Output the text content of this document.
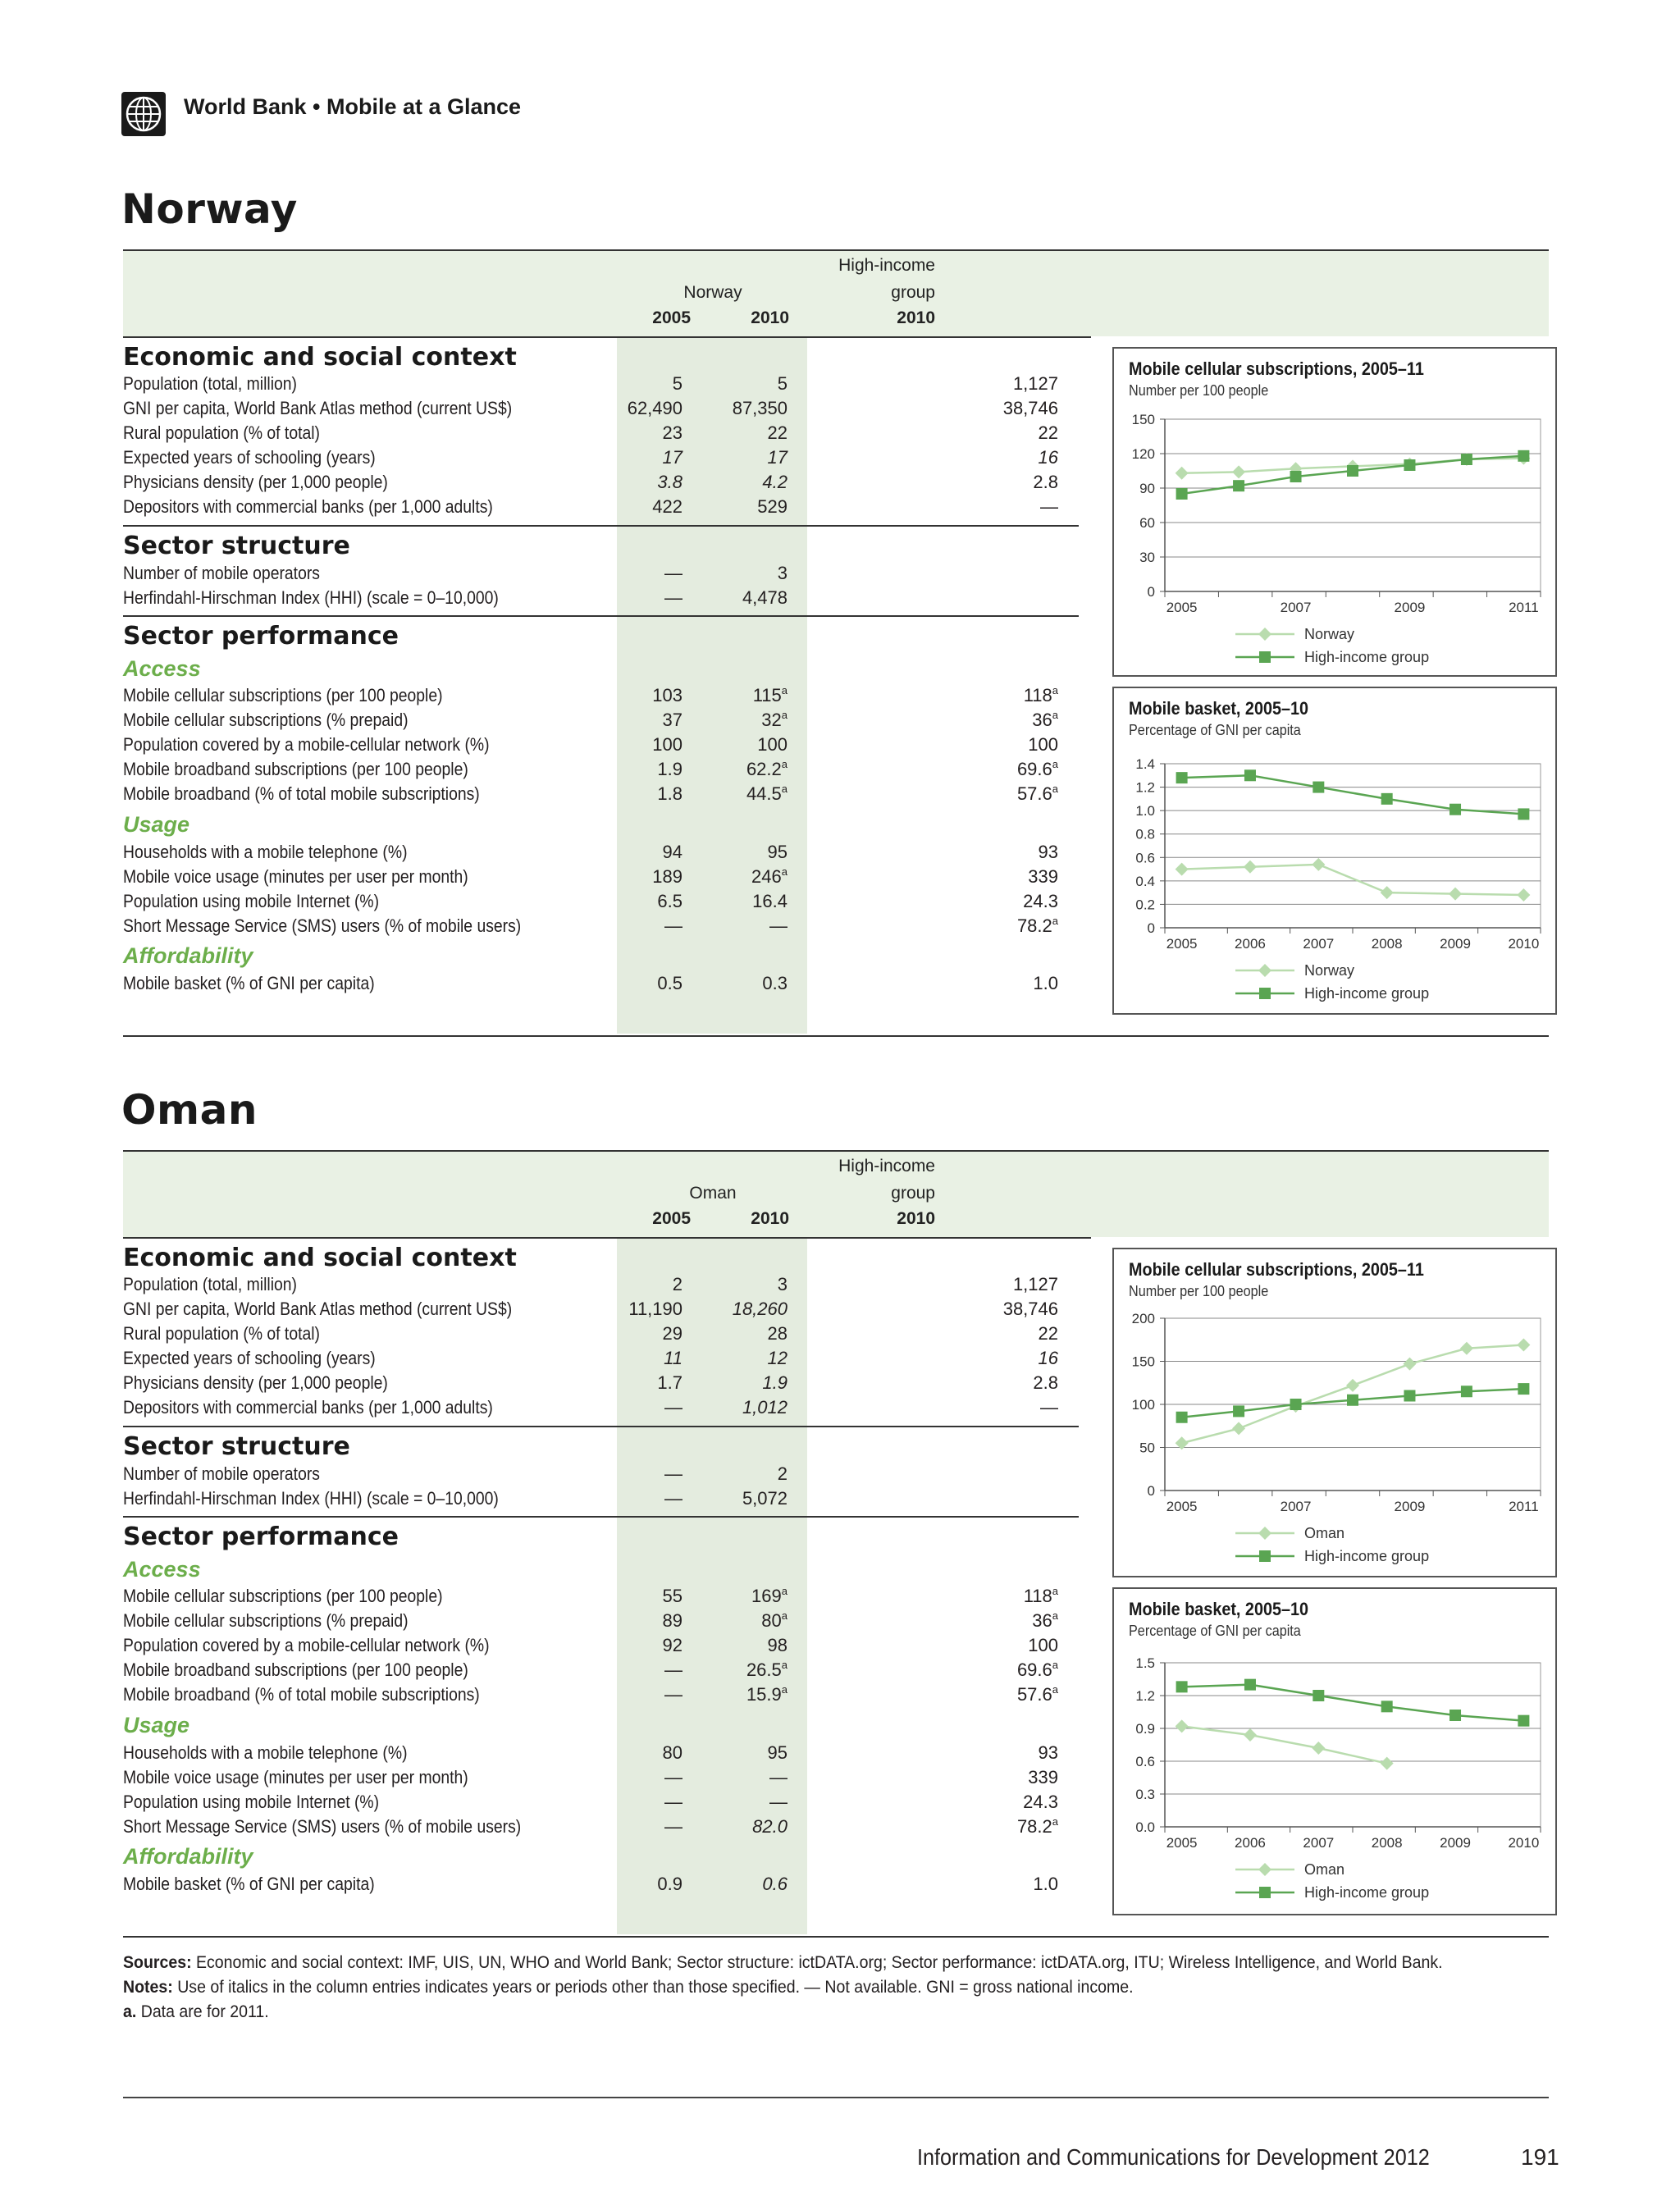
World Bank • Mobile at a Glance
Norway
Norway
2005	2010
High-income
group
2010
Economic and social context
Population (total, million)	5	5	1,127
GNI per capita, World Bank Atlas method (current US$)	62,490	87,350	38,746
Rural population (% of total)	23	22	22
Expected years of schooling (years)	17	17	16
Physicians density (per 1,000 people)	3.8	4.2	2.8
Depositors with commercial banks (per 1,000 adults)	422	529	—
Sector structure
Number of mobile operators	—	3
Herfindahl-Hirschman Index (HHI) (scale = 0–10,000)	—	4,478
Sector performance
Access
Mobile cellular subscriptions (per 100 people)	103	115$^a$	118$^a$
Mobile cellular subscriptions (% prepaid)	37	32$^a$	36$^a$
Population covered by a mobile-cellular network (%)	100	100	100
Mobile broadband subscriptions (per 100 people)	1.9	62.2$^a$	69.6$^a$
Mobile broadband (% of total mobile subscriptions)	1.8	44.5$^a$	57.6$^a$
Usage
Households with a mobile telephone (%)	94	95	93
Mobile voice usage (minutes per user per month)	189	246$^a$	339
Population using mobile Internet (%)	6.5	16.4	24.3
Short Message Service (SMS) users (% of mobile users)	—	—	78.2$^a$
Affordability
Mobile basket (% of GNI per capita)	0.5	0.3	1.0
Oman
Oman
2005	2010
High-income
group
2010
Economic and social context
Population (total, million)	2	3	1,127
GNI per capita, World Bank Atlas method (current US$)	11,190	18,260	38,746
Rural population (% of total)	29	28	22
Expected years of schooling (years)	11	12	16
Physicians density (per 1,000 people)	1.7	1.9	2.8
Depositors with commercial banks (per 1,000 adults)	—	1,012	—
Sector structure
Number of mobile operators	—	2
Herfindahl-Hirschman Index (HHI) (scale = 0–10,000)	—	5,072
Sector performance
Access
Mobile cellular subscriptions (per 100 people)	55	169$^a$	118$^a$
Mobile cellular subscriptions (% prepaid)	89	80$^a$	36$^a$
Population covered by a mobile-cellular network (%)	92	98	100
Mobile broadband subscriptions (per 100 people)	—	26.5$^a$	69.6$^a$
Mobile broadband (% of total mobile subscriptions)	—	15.9$^a$	57.6$^a$
Usage
Households with a mobile telephone (%)	80	95	93
Mobile voice usage (minutes per user per month)	—	—	339
Population using mobile Internet (%)	—	—	24.3
Short Message Service (SMS) users (% of mobile users)	—	82.0	78.2$^a$
Affordability
Mobile basket (% of GNI per capita)	0.9	0.6	1.0
Mobile cellular subscriptions, 2005–11
Number per 100 people
0
30
60
90
120
150
2005	2007	2009	2011
Norway
High-income group
Mobile basket, 2005–10
Percentage of GNI per capita
0
0.2
0.4
0.6
0.8
1.0
1.2
1.4
2005	2006	2007	2008	2009	2010
Norway
High-income group
Mobile cellular subscriptions, 2005–11
Number per 100 people
0
50
100
150
200
2005	2007	2009	2011
Oman
High-income group
Mobile basket, 2005–10
Percentage of GNI per capita
0.0
0.3
0.6
0.9
1.2
1.5
2005	2006	2007	2008	2009	2010
Oman
High-income group
Sources: Economic and social context: IMF, UIS, UN, WHO and World Bank; Sector structure: ictDATA.org; Sector performance: ictDATA.org, ITU; Wireless Intelligence, and World Bank.
Notes: Use of italics in the column entries indicates years or periods other than those specified. — Not available. GNI = gross national income.
a. Data are for 2011.
Information and Communications for Development 2012	191
